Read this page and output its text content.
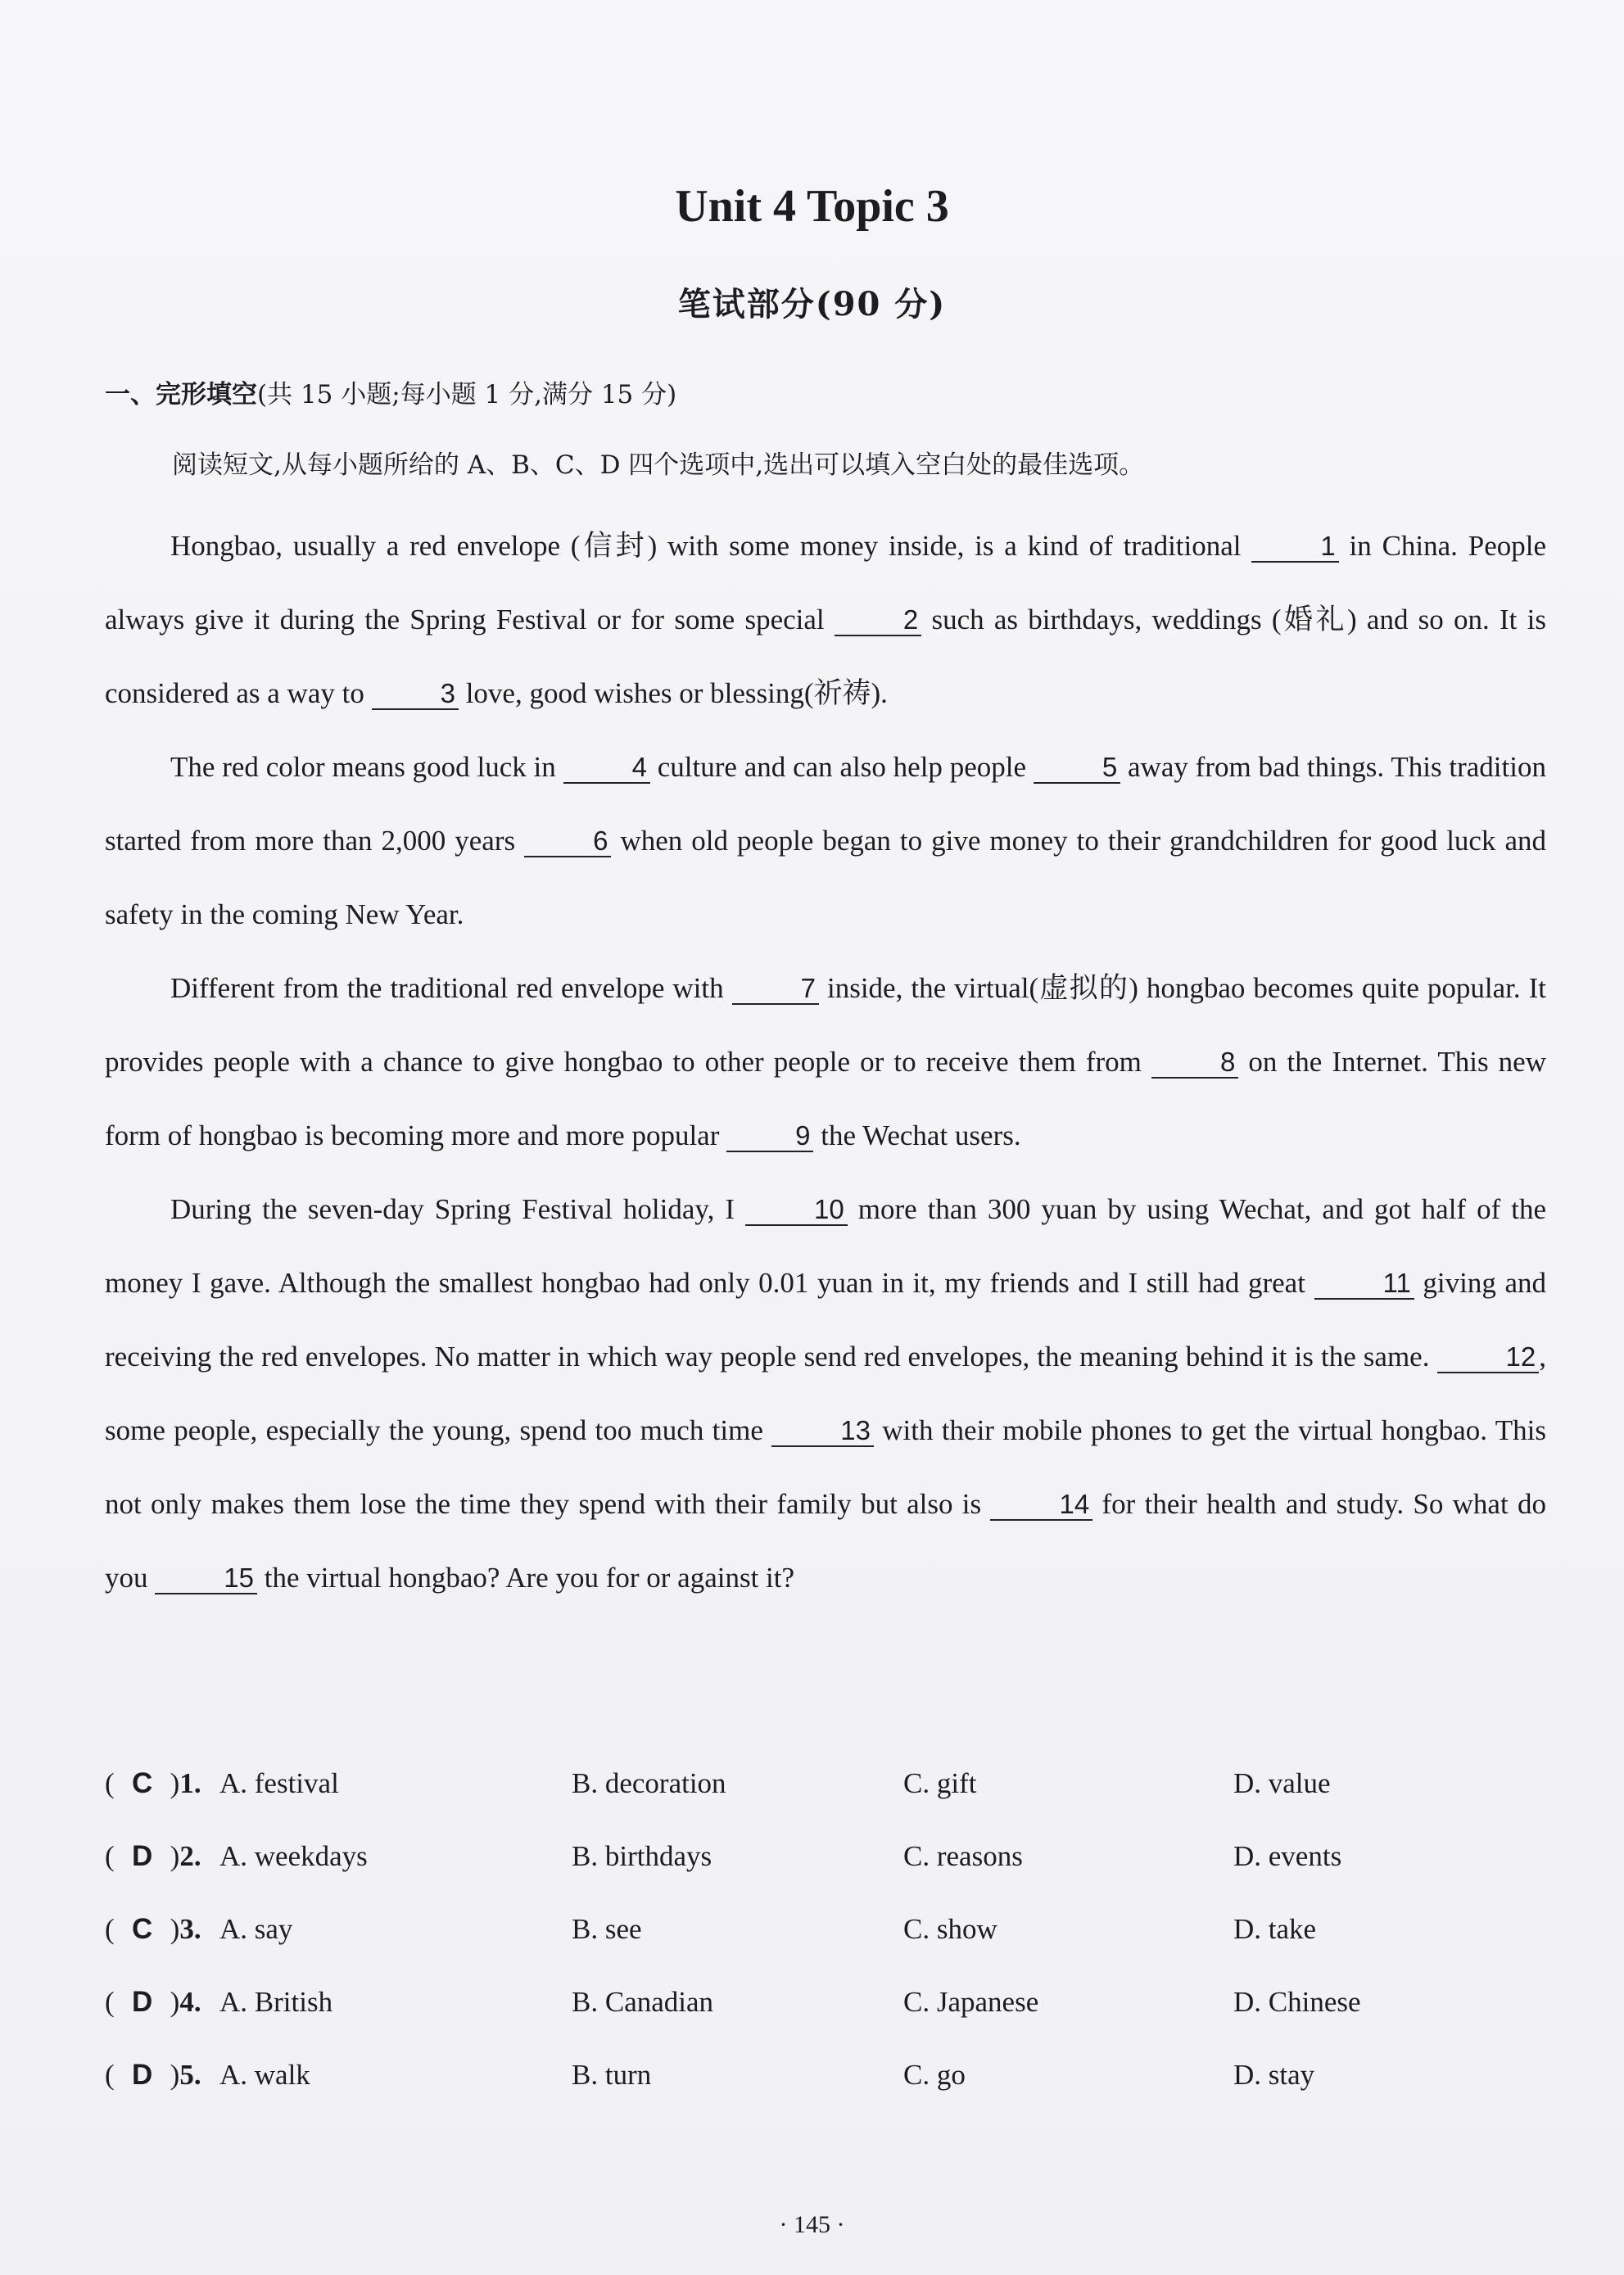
Unit 4 Topic 3
笔试部分(90 分)
一、完形填空(共 15 小题;每小题 1 分,满分 15 分)
阅读短文,从每小题所给的 A、B、C、D 四个选项中,选出可以填入空白处的最佳选项。

Hongbao, usually a red envelope (信封) with some money inside, is a kind of traditional	1 in China. People always give it during the Spring Festival or for some special	2 such as birthdays, weddings (婚礼) and so on. It is considered as a way to	3 love, good wishes or blessing(祈祷).

The red color means good luck in	4 culture and can also help people	5 away from bad things. This tradition started from more than 2,000 years	6 when old people began to give money to their grandchildren for good luck and safety in the coming New Year.

Different from the traditional red envelope with	7 inside, the virtual(虚拟的) hongbao becomes quite popular. It provides people with a chance to give hongbao to other people or to receive them from	8 on the Internet. This new form of hongbao is becoming more and more popular	9 the Wechat users.

During the seven-day Spring Festival holiday, I	10 more than 300 yuan by using Wechat, and got half of the money I gave. Although the smallest hongbao had only 0.01 yuan in it, my friends and I still had great	11 giving and receiving the red envelopes. No matter in which way people send red envelopes, the meaning behind it is the same.	12 , some people, especially the young, spend too much time	13 with their mobile phones to get the virtual hongbao. This not only makes them lose the time they spend with their family but also is	14 for their health and study. So what do you	15 the virtual hongbao? Are you for or against it?

( C )1. A. festival	B. decoration	C. gift	D. value
( D )2. A. weekdays	B. birthdays	C. reasons	D. events
( C )3. A. say	B. see	C. show	D. take
( D )4. A. British	B. Canadian	C. Japanese	D. Chinese
( D )5. A. walk	B. turn	C. go	D. stay
· 145 ·
